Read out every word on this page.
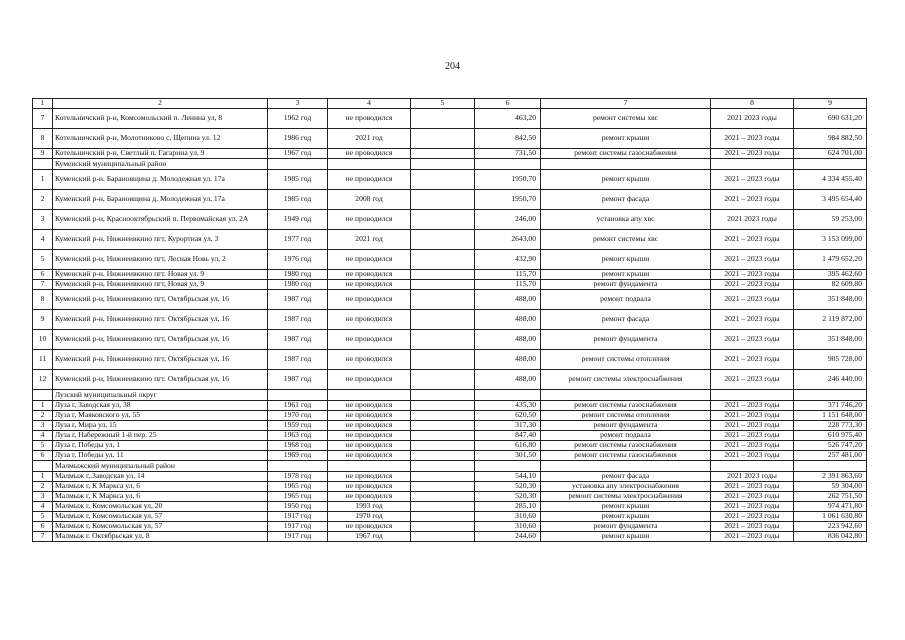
204
1	2	3	4	5	6	7	8	9
7	Котельничский р-н, Комсомольский п. Ленина ул, 8	1962 год	не проводился		463,20	ремонт системы хвс	2021 2023 годы	690 631,20
8	Котельничский р-н, Молотниково с, Щепина ул. 12	1986 год	2021 год		842,50	ремонт крыши	2021 – 2023 годы	984 882,50
9	Котельничский р-н, Светлый п. Гагарина ул, 9	1967 год	не проводился		731,50	ремонт системы газоснабжения	2021 – 2023 годы	624 701,00
	Куменский муниципальный район							
1	Куменский р-н. Барановщина д. Молодежная ул. 17а	1985 год	не проводился		1950,70	ремонт крыши	2021 – 2023 годы	4 334 455,40
2	Куменский р-н, Барановщина д, Молодежная ул, 17а	1985 год	2008 год		1950,70	ремонт фасада	2021 – 2023 годы	3 495 654,40
3	Куменский р-н, Краснооктябрьский п. Первомайская ул, 2А	1949 год	не проводился		246,00	установка апу хвс	2021 2023 годы	59 253,00
4	Куменский р-н, Нижнеивкино пгт, Курортная ул, 3	1977 год	2021 год		2643,00	ремонт системы хвс	2021 – 2023 годы	3 153 099,00
5	Куменский р-н, Нижнеивкино пгт, Лесная Новь ул, 2	1976 год	не проводился		432,90	ремонт крыши	2021 – 2023 годы	1 479 652,20
6	Куменский р-н. Нижнеивкино пгт. Новая ул. 9	1980 год	не проводился		115,70	ремонт крыши	2021 – 2023 годы	395 462,60
7	Куменский р-н, Нижнеивкино пгт, Новая ул, 9	1980 год	не проводился		115,70	ремонт фундамента	2021 – 2023 годы	82 609,80
8	Куменский р-н, Нижнеивкино пгт, Октябрьская ул, 16	1987 год	не проводился		488,00	ремонт подвала	2021 – 2023 годы	351 848,00
9	Куменский р-н, Нижнеивкино пгт. Октябрьская ул, 16	1987 год	не проводился		488,00	ремонт фасада	2021 – 2023 годы	2 119 872,00
10	Куменский р-н, Нижнеивкино пгт, Октябрьская ул, 16	1987 год	не проводился		488,00	ремонт фундамента	2021 – 2023 годы	351 848,00
11	Куменский р-н, Нижнеивкино пгт, Октябрьская ул, 16	1987 год	не проводился		488,00	ремонт системы отопления	2021 – 2023 годы	905 728,00
12	Куменский р-н, Нижнеивкино пгт. Октябрьская ул, 16	1987 год	не проводился		488,00	ремонт системы электроснабжения	2021 – 2023 годы	246 440,00
	Лузский муниципальный округ							
1	Луза г, Заводская ул, 38	1961 год	не проводился		435,30	ремонт системы газоснабжения	2021 – 2023 годы	371 746,20
2	Луза г, Маяковского ул, 55	1970 год	не проводился		620,50	ремонт системы отопления	2021 – 2023 годы	1 151 648,00
3	Луза г, Мира ул, 15	1959 год	не проводился		317,30	ремонт фундамента	2021 – 2023 годы	228 773,30
4	Луза г, Набережный 1-й пер. 25	1963 год	не проводился		847,40	ремонт подвала	2021 – 2023 годы	610 975,40
5	Луза г, Победы ул, 1	1968 год	не проводился		616,80	ремонт системы газоснабжения	2021 – 2023 годы	526 747,20
6	Луза г, Победы ул, 11	1969 год	не проводился		301,50	ремонт системы газоснабжения	2021 – 2023 годы	257 481,00
	Малмыжский муниципальный район							
1	Малмыж г,.Заводская ул, 14	1978 год	не проводился		544,10	ремонт фасада	2021 2023 годы	2 391 863,60
2	Малмыж г, К Маркса ул, 6	1965 год	не проводился		520,30	установка апу электроснабжения	2021 – 2023 годы	59 304,00
3	Малмыж г, К Маркса ул, 6	1965 год	не проводился		520,30	ремонт системы электроснабжения	2021 – 2023 годы	262 751,50
4	Малмыж г, Комсомольская ул, 20	1950 год	1993 год		285,10	ремонт крыши	2021 – 2023 годы	974 471,80
5	Малмыж г, Комсомольская ул, 57	1917 год	1970 год		310,60	ремонт крыши	2021 – 2023 годы	1 061 630,80
6	Малмыж г, Комсомольская ул, 57	1917 год	не проводился		310,60	ремонт фундамента	2021 – 2023 годы	223 942,60
7	Малмыж г. Октябрьская ул, 8	1917 год	1967 год		244,60	ремонт крыши	2021 – 2023 годы	836 042,80
